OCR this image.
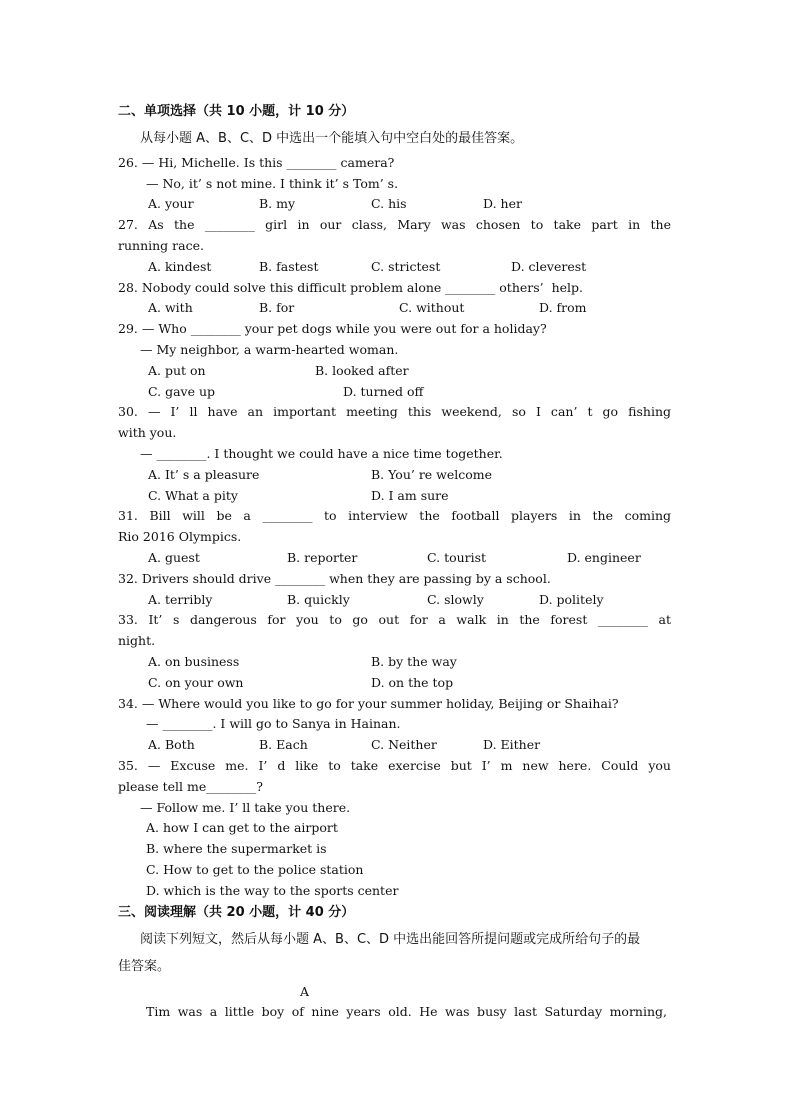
二、单项选择（共 10 小题，计 10 分）
从每小题 A、B、C、D 中选出一个能填入句中空白处的最佳答案。
26. — Hi, Michelle. Is this ________ camera?
— No, it’ s not mine. I think it’ s Tom’ s.
A. your	B. my	C. his	D. her
27. As the ________ girl in our class, Mary was chosen to take part in the
running race.
A. kindest	B. fastest	C. strictest	D. cleverest
28. Nobody could solve this difficult problem alone ________ others’  help.
A. with	B. for	C. without	D. from
29. — Who ________ your pet dogs while you were out for a holiday?
— My neighbor, a warm-hearted woman.
A. put on	B. looked after
C. gave up	D. turned off
30. — I’ ll have an important meeting this weekend, so I can’ t go fishing
with you.
— ________. I thought we could have a nice time together.
A. It’ s a pleasure	B. You’ re welcome
C. What a pity	D. I am sure
31. Bill will be a ________ to interview the football players in the coming
Rio 2016 Olympics.
A. guest	B. reporter	C. tourist	D. engineer
32. Drivers should drive ________ when they are passing by a school.
A. terribly	B. quickly	C. slowly	D. politely
33. It’ s dangerous for you to go out for a walk in the forest ________ at
night.
A. on business	B. by the way
C. on your own	D. on the top
34. — Where would you like to go for your summer holiday, Beijing or Shaihai?
— ________. I will go to Sanya in Hainan.
A. Both	B. Each	C. Neither	D. Either
35. — Excuse me. I’ d like to take exercise but I’ m new here. Could you
please tell me________?
— Follow me. I’ ll take you there.
A. how I can get to the airport
B. where the supermarket is
C. How to get to the police station
D. which is the way to the sports center
三、阅读理解（共 20 小题，计 40 分）
阅读下列短文，然后从每小题 A、B、C、D 中选出能回答所提问题或完成所给句子的最
佳答案。
A
Tim was a little boy of nine years old. He was busy last Saturday morning,
